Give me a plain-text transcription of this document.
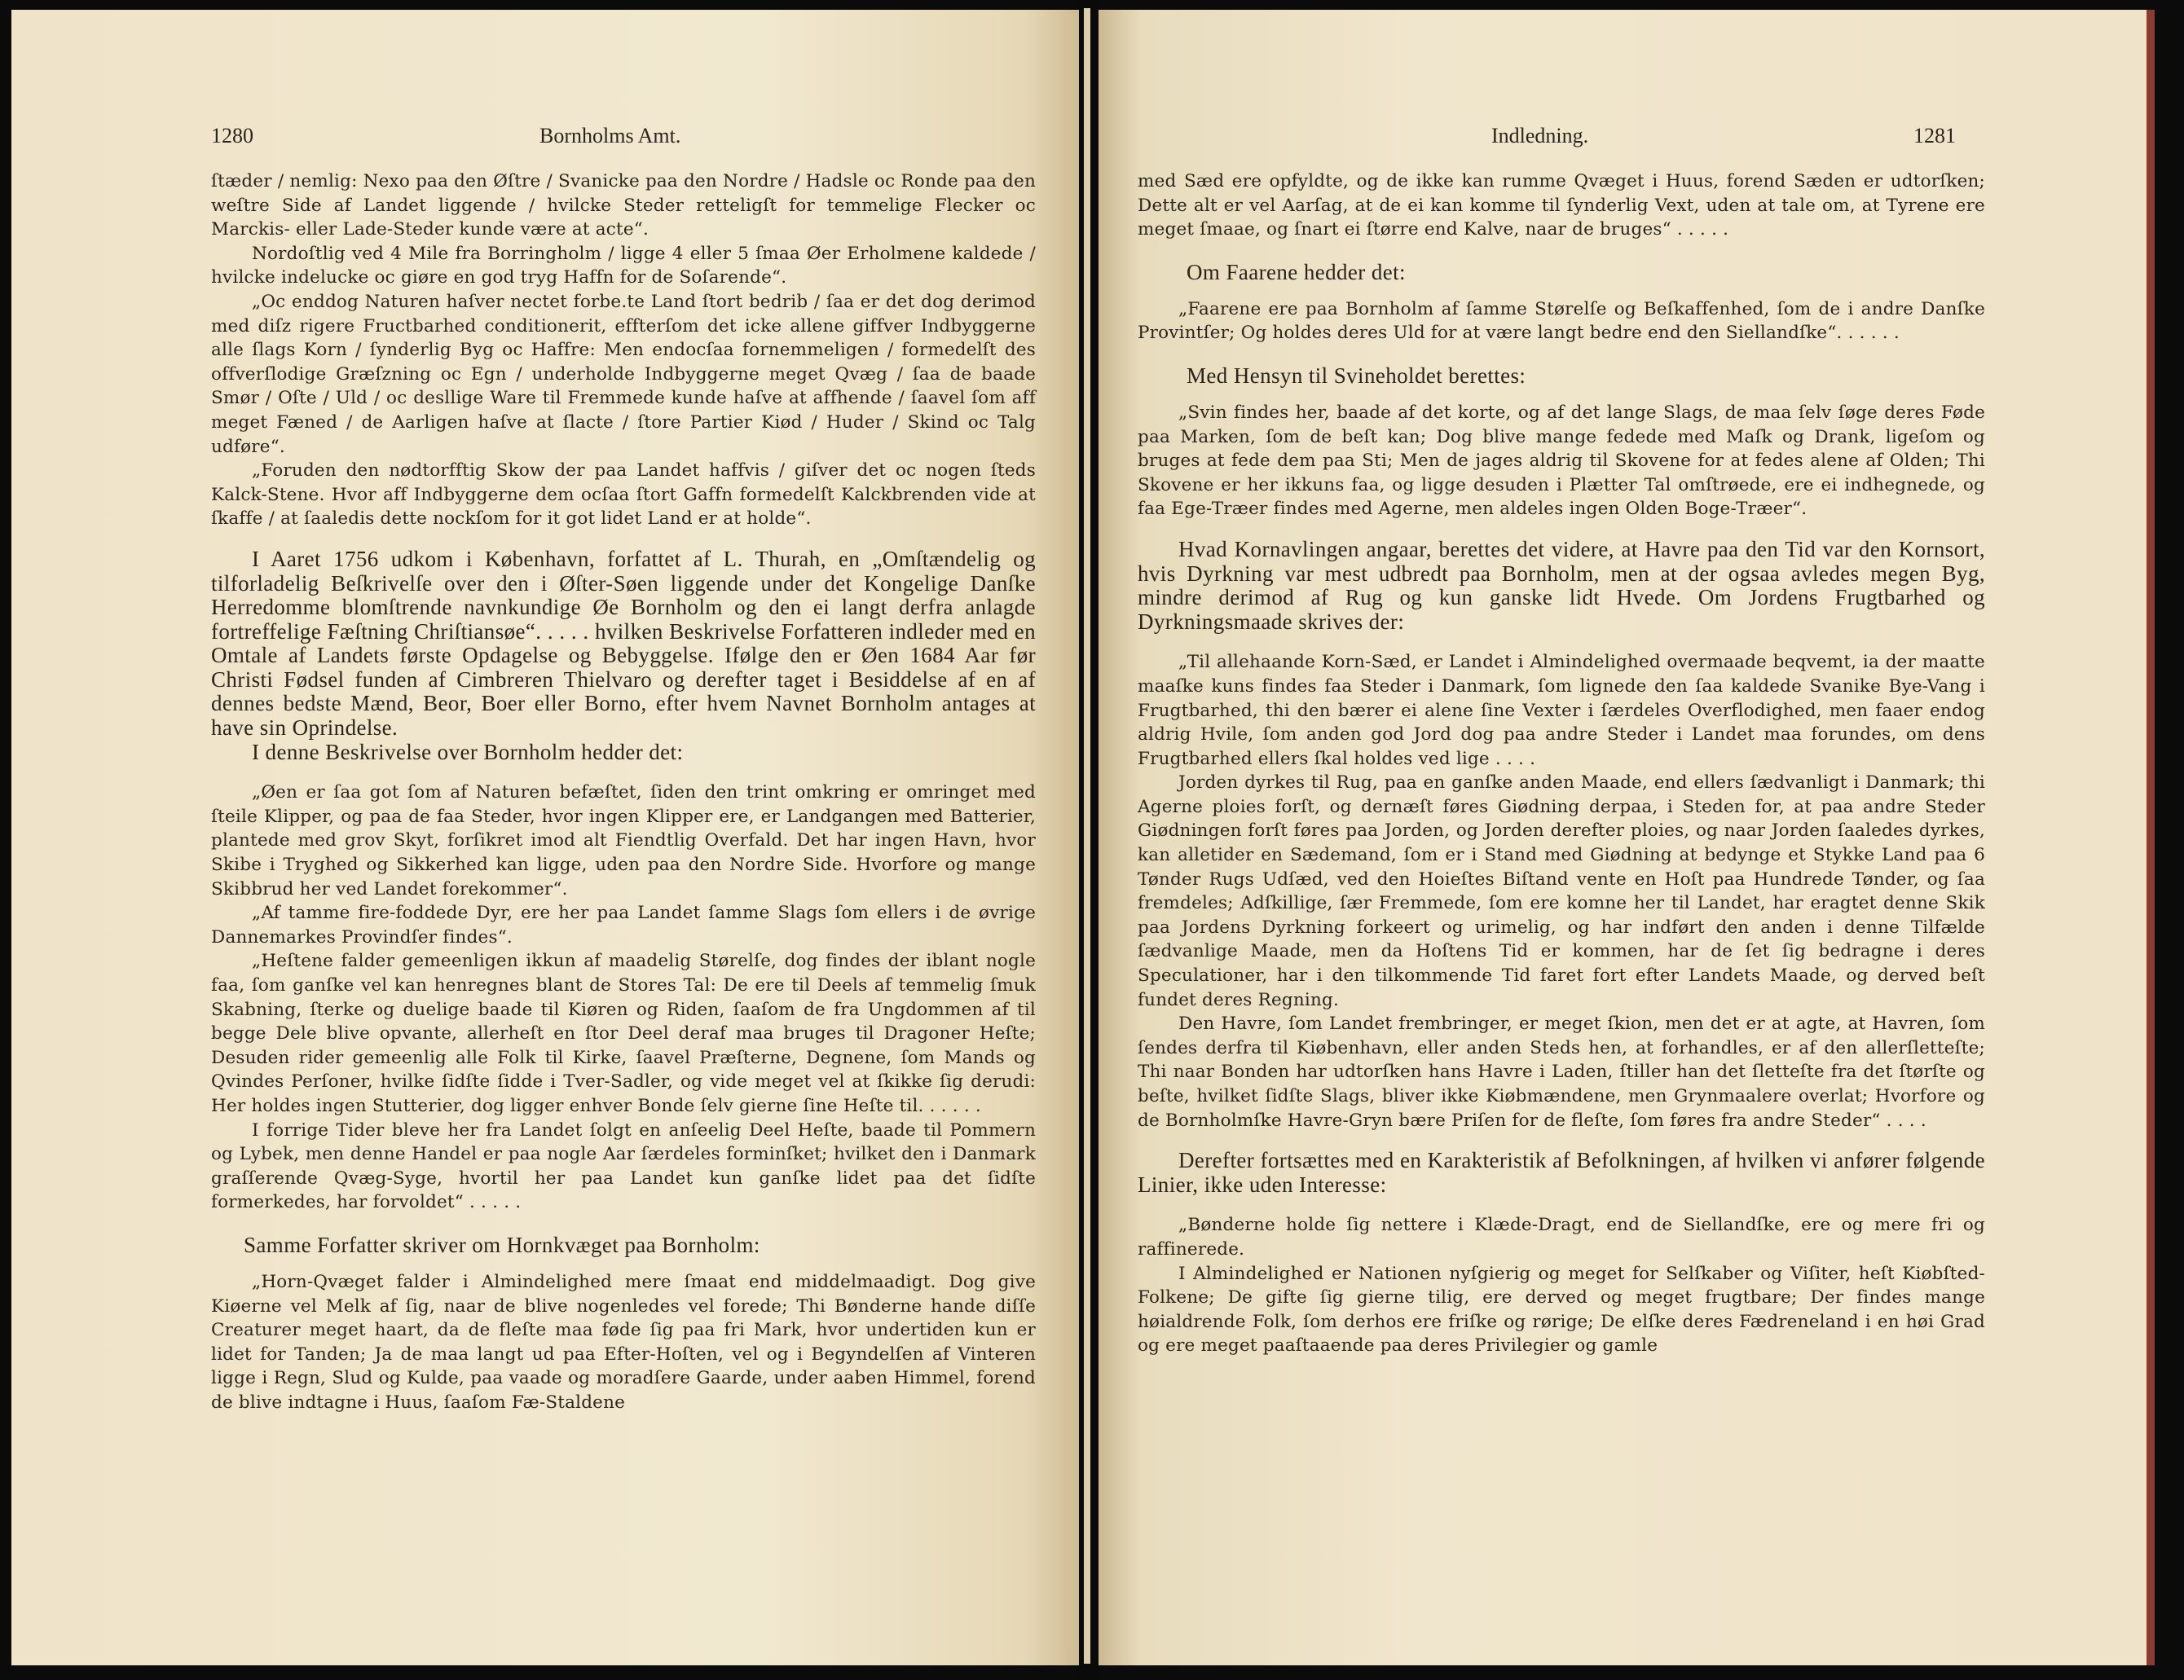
1280	Bornholms Amt.

ſtæder / nemlig: Nexo paa den Øſtre / Svanicke paa den Nordre / Hadsle oc Ronde paa den weſtre Side af Landet liggende / hvilcke Steder retteligſt for temmelige Flecker oc Marckis- eller Lade-Steder kunde være at acte“.

Nordoſtlig ved 4 Mile fra Borringholm / ligge 4 eller 5 ſmaa Øer Erholmene kaldede / hvilcke indelucke oc giøre en god tryg Haffn for de Soſarende“.

„Oc enddog Naturen haſver nectet forbe.te Land ſtort bedrib / ſaa er det dog derimod med diſz rigere Fructbarhed conditionerit, effterſom det icke allene giffver Indbyggerne alle ſlags Korn / ſynderlig Byg oc Haffre: Men endocſaa fornemmeligen / formedelſt des offverſlodige Græſzning oc Egn / underholde Indbyggerne meget Qvæg / ſaa de baade Smør / Oſte / Uld / oc desllige Ware til Fremmede kunde haſve at affhende / ſaavel ſom aff meget Fæned / de Aarligen haſve at ſlacte / ſtore Partier Kiød / Huder / Skind oc Talg udføre“.

„Foruden den nødtorfftig Skow der paa Landet haffvis / giſver det oc nogen ſteds Kalck-Stene. Hvor aff Indbyggerne dem ocſaa ſtort Gaffn formedelſt Kalckbrenden vide at ſkaffe / at ſaaledis dette nockſom for it got lidet Land er at holde“.

I Aaret 1756 udkom i København, forfattet af L. Thurah, en „Omſtændelig og tilforladelig Beſkrivelſe over den i Øſter-Søen liggende under det Kongelige Danſke Herredomme blomſtrende navnkundige Øe Bornholm og den ei langt derfra anlagde fortreffelige Fæſtning Chriſtiansøe“. . . . . hvilken Beskrivelse Forfatteren indleder med en Omtale af Landets første Opdagelse og Bebyggelse. Ifølge den er Øen 1684 Aar før Christi Fødsel funden af Cimbreren Thielvaro og derefter taget i Besiddelse af en af dennes bedste Mænd, Beor, Boer eller Borno, efter hvem Navnet Bornholm antages at have sin Oprindelse.

I denne Beskrivelse over Bornholm hedder det:

„Øen er ſaa got ſom af Naturen befæſtet, ſiden den trint omkring er omringet med ſteile Klipper, og paa de faa Steder, hvor ingen Klipper ere, er Landgangen med Batterier, plantede med grov Skyt, forſikret imod alt Fiendtlig Overfald. Det har ingen Havn, hvor Skibe i Tryghed og Sikkerhed kan ligge, uden paa den Nordre Side. Hvorfore og mange Skibbrud her ved Landet forekommer“.

„Af tamme fire-foddede Dyr, ere her paa Landet ſamme Slags ſom ellers i de øvrige Dannemarkes Provindſer findes“.

„Heſtene falder gemeenligen ikkun af maadelig Størelſe, dog findes der iblant nogle faa, ſom ganſke vel kan henregnes blant de Stores Tal: De ere til Deels af temmelig ſmuk Skabning, ſterke og duelige baade til Kiøren og Riden, ſaaſom de fra Ungdommen af til begge Dele blive opvante, allerheſt en ſtor Deel deraf maa bruges til Dragoner Heſte; Desuden rider gemeenlig alle Folk til Kirke, ſaavel Præſterne, Degnene, ſom Mands og Qvindes Perſoner, hvilke ſidſte ſidde i Tver-Sadler, og vide meget vel at ſkikke ſig derudi: Her holdes ingen Stutterier, dog ligger enhver Bonde ſelv gierne ſine Heſte til. . . . . .

I forrige Tider bleve her fra Landet ſolgt en anſeelig Deel Heſte, baade til Pommern og Lybek, men denne Handel er paa nogle Aar ſærdeles forminſket; hvilket den i Danmark graſſerende Qvæg-Syge, hvortil her paa Landet kun ganſke lidet paa det ſidſte formerkedes, har forvoldet“ . . . . .

Samme Forfatter skriver om Hornkvæget paa Bornholm:

„Horn-Qvæget falder i Almindelighed mere ſmaat end middelmaadigt. Dog give Kiøerne vel Melk af ſig, naar de blive nogenledes vel forede; Thi Bønderne hande diſſe Creaturer meget haart, da de fleſte maa føde ſig paa fri Mark, hvor undertiden kun er lidet for Tanden; Ja de maa langt ud paa Efter-Hoſten, vel og i Begyndelſen af Vinteren ligge i Regn, Slud og Kulde, paa vaade og moradſere Gaarde, under aaben Himmel, forend de blive indtagne i Huus, ſaaſom Fæ-Staldene

Indledning.	1281

med Sæd ere opfyldte, og de ikke kan rumme Qvæget i Huus, forend Sæden er udtorſken; Dette alt er vel Aarſag, at de ei kan komme til ſynderlig Vext, uden at tale om, at Tyrene ere meget ſmaae, og ſnart ei ſtørre end Kalve, naar de bruges“ . . . . .

Om Faarene hedder det:

„Faarene ere paa Bornholm af ſamme Størelſe og Beſkaffenhed, ſom de i andre Danſke Provintſer; Og holdes deres Uld for at være langt bedre end den Siellandſke“. . . . . .

Med Hensyn til Svineholdet berettes:

„Svin findes her, baade af det korte, og af det lange Slags, de maa ſelv ſøge deres Føde paa Marken, ſom de beſt kan; Dog blive mange fedede med Maſk og Drank, ligeſom og bruges at fede dem paa Sti; Men de jages aldrig til Skovene for at fedes alene af Olden; Thi Skovene er her ikkuns faa, og ligge desuden i Plætter Tal omſtrøede, ere ei indhegnede, og faa Ege-Træer findes med Agerne, men aldeles ingen Olden Boge-Træer“.

Hvad Kornavlingen angaar, berettes det videre, at Havre paa den Tid var den Kornsort, hvis Dyrkning var mest udbredt paa Bornholm, men at der ogsaa avledes megen Byg, mindre derimod af Rug og kun ganske lidt Hvede. Om Jordens Frugtbarhed og Dyrkningsmaade skrives der:

„Til allehaande Korn-Sæd, er Landet i Almindelighed overmaade beqvemt, ia der maatte maaſke kuns findes faa Steder i Danmark, ſom lignede den ſaa kaldede Svanike Bye-Vang i Frugtbarhed, thi den bærer ei alene ſine Vexter i ſærdeles Overflodighed, men faaer endog aldrig Hvile, ſom anden god Jord dog paa andre Steder i Landet maa forundes, om dens Frugtbarhed ellers ſkal holdes ved lige . . . .

Jorden dyrkes til Rug, paa en ganſke anden Maade, end ellers ſædvanligt i Danmark; thi Agerne ploies forſt, og dernæſt føres Giødning derpaa, i Steden for, at paa andre Steder Giødningen forſt føres paa Jorden, og Jorden derefter ploies, og naar Jorden ſaaledes dyrkes, kan alletider en Sædemand, ſom er i Stand med Giødning at bedynge et Stykke Land paa 6 Tønder Rugs Udſæd, ved den Hoieſtes Biſtand vente en Hoſt paa Hundrede Tønder, og ſaa fremdeles; Adſkillige, ſær Fremmede, ſom ere komne her til Landet, har eragtet denne Skik paa Jordens Dyrkning forkeert og urimelig, og har indført den anden i denne Tilfælde ſædvanlige Maade, men da Hoſtens Tid er kommen, har de ſet ſig bedragne i deres Speculationer, har i den tilkommende Tid faret fort efter Landets Maade, og derved beſt fundet deres Regning.

Den Havre, ſom Landet frembringer, er meget ſkion, men det er at agte, at Havren, ſom ſendes derfra til Kiøbenhavn, eller anden Steds hen, at forhandles, er af den allerſletteſte; Thi naar Bonden har udtorſken hans Havre i Laden, ſtiller han det ſletteſte fra det ſtørſte og beſte, hvilket ſidſte Slags, bliver ikke Kiøbmændene, men Grynmaalere overlat; Hvorfore og de Bornholmſke Havre-Gryn bære Priſen for de fleſte, ſom føres fra andre Steder“ . . . .

Derefter fortsættes med en Karakteristik af Befolkningen, af hvilken vi anfører følgende Linier, ikke uden Interesse:

„Bønderne holde ſig nettere i Klæde-Dragt, end de Siellandſke, ere og mere fri og raffinerede.

I Almindelighed er Nationen nyſgierig og meget for Selſkaber og Viſiter, heſt Kiøbſted-Folkene; De gifte ſig gierne tilig, ere derved og meget frugtbare; Der findes mange høialdrende Folk, ſom derhos ere friſke og rørige; De elſke deres Fædreneland i en høi Grad og ere meget paaſtaaende paa deres Privilegier og gamle
